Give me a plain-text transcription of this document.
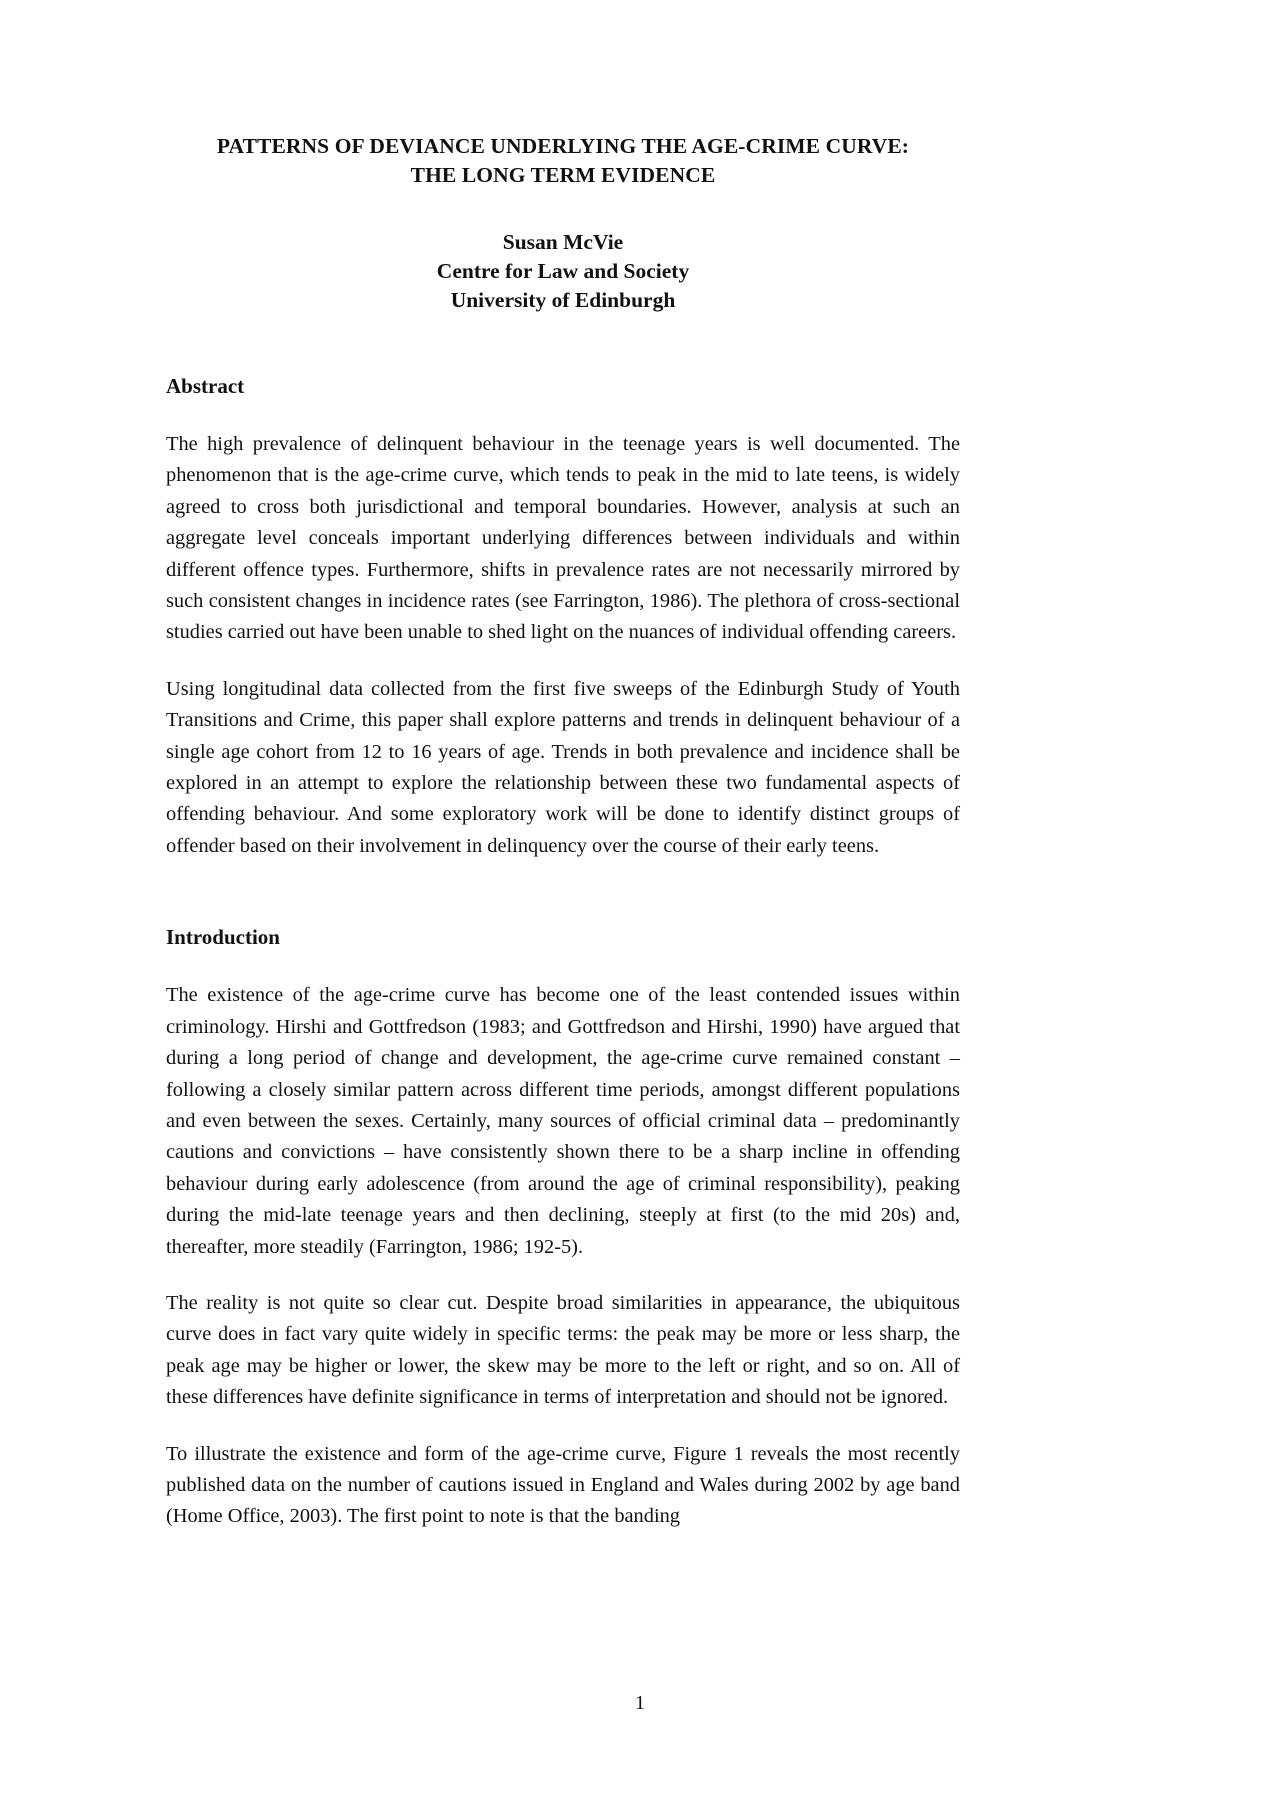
PATTERNS OF DEVIANCE UNDERLYING THE AGE-CRIME CURVE:
THE LONG TERM EVIDENCE
Susan McVie
Centre for Law and Society
University of Edinburgh
Abstract

The high prevalence of delinquent behaviour in the teenage years is well documented. The phenomenon that is the age-crime curve, which tends to peak in the mid to late teens, is widely agreed to cross both jurisdictional and temporal boundaries. However, analysis at such an aggregate level conceals important underlying differences between individuals and within different offence types. Furthermore, shifts in prevalence rates are not necessarily mirrored by such consistent changes in incidence rates (see Farrington, 1986). The plethora of cross-sectional studies carried out have been unable to shed light on the nuances of individual offending careers.

Using longitudinal data collected from the first five sweeps of the Edinburgh Study of Youth Transitions and Crime, this paper shall explore patterns and trends in delinquent behaviour of a single age cohort from 12 to 16 years of age. Trends in both prevalence and incidence shall be explored in an attempt to explore the relationship between these two fundamental aspects of offending behaviour. And some exploratory work will be done to identify distinct groups of offender based on their involvement in delinquency over the course of their early teens.

Introduction

The existence of the age-crime curve has become one of the least contended issues within criminology. Hirshi and Gottfredson (1983; and Gottfredson and Hirshi, 1990) have argued that during a long period of change and development, the age-crime curve remained constant – following a closely similar pattern across different time periods, amongst different populations and even between the sexes. Certainly, many sources of official criminal data – predominantly cautions and convictions – have consistently shown there to be a sharp incline in offending behaviour during early adolescence (from around the age of criminal responsibility), peaking during the mid-late teenage years and then declining, steeply at first (to the mid 20s) and, thereafter, more steadily (Farrington, 1986; 192-5).

The reality is not quite so clear cut. Despite broad similarities in appearance, the ubiquitous curve does in fact vary quite widely in specific terms: the peak may be more or less sharp, the peak age may be higher or lower, the skew may be more to the left or right, and so on. All of these differences have definite significance in terms of interpretation and should not be ignored.

To illustrate the existence and form of the age-crime curve, Figure 1 reveals the most recently published data on the number of cautions issued in England and Wales during 2002 by age band (Home Office, 2003). The first point to note is that the banding

1
